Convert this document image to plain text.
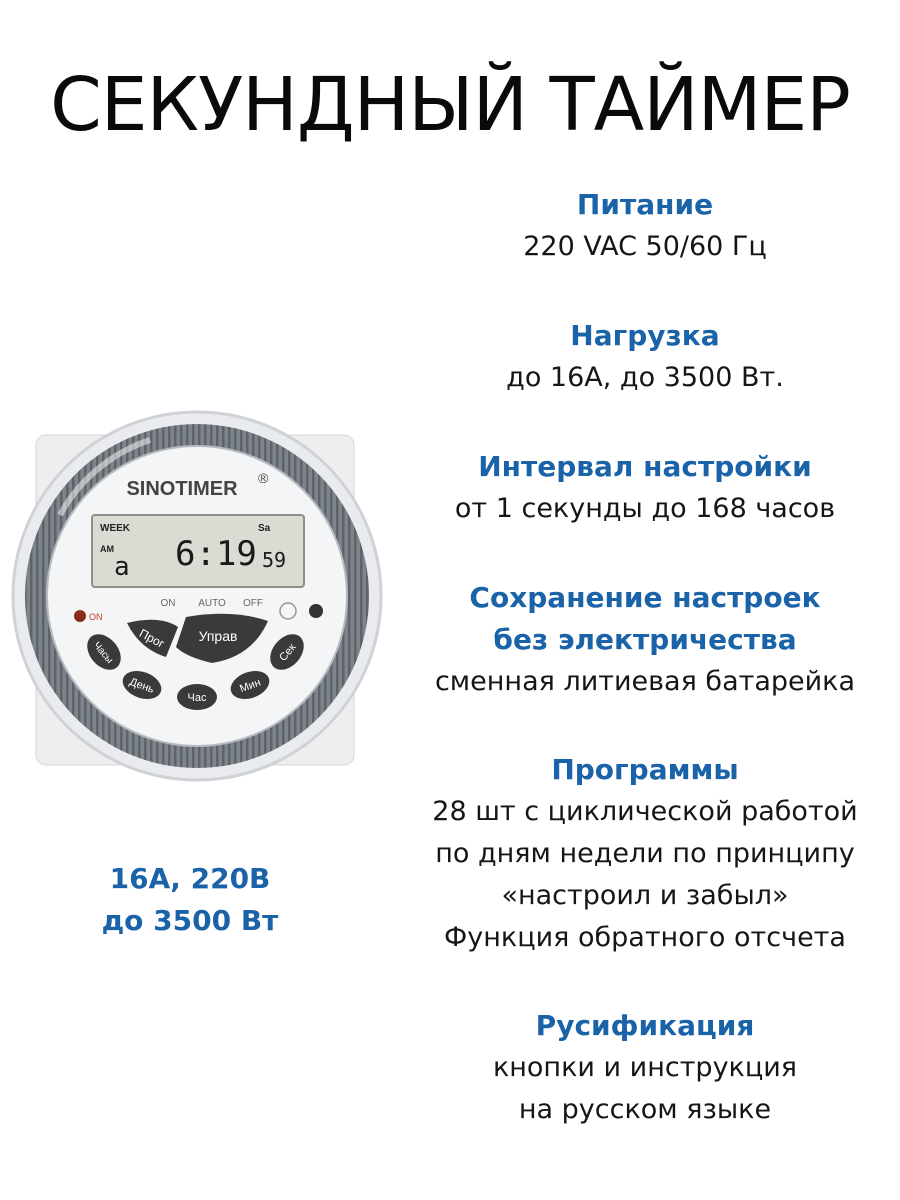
СЕКУНДНЫЙ ТАЙМЕР
SINOTIMER ®
WEEK	Sa
AM
a 6:19 59
ON
ON AUTO OFF
Прог Управ
Часы
День
Час
Мин
Сек
Питание

220 VAC 50/60 Гц

Нагрузка

до 16А, до 3500 Вт.

Интервал настройки

от 1 секунды до 168 часов

Сохранение настроек
без электричества

сменная литиевая батарейка

Программы

28 шт с циклической работой

по дням недели по принципу

«настроил и забыл»

Функция обратного отсчета

Русификация

кнопки и инструкция

на русском языке

16А, 220В
до 3500 Вт
